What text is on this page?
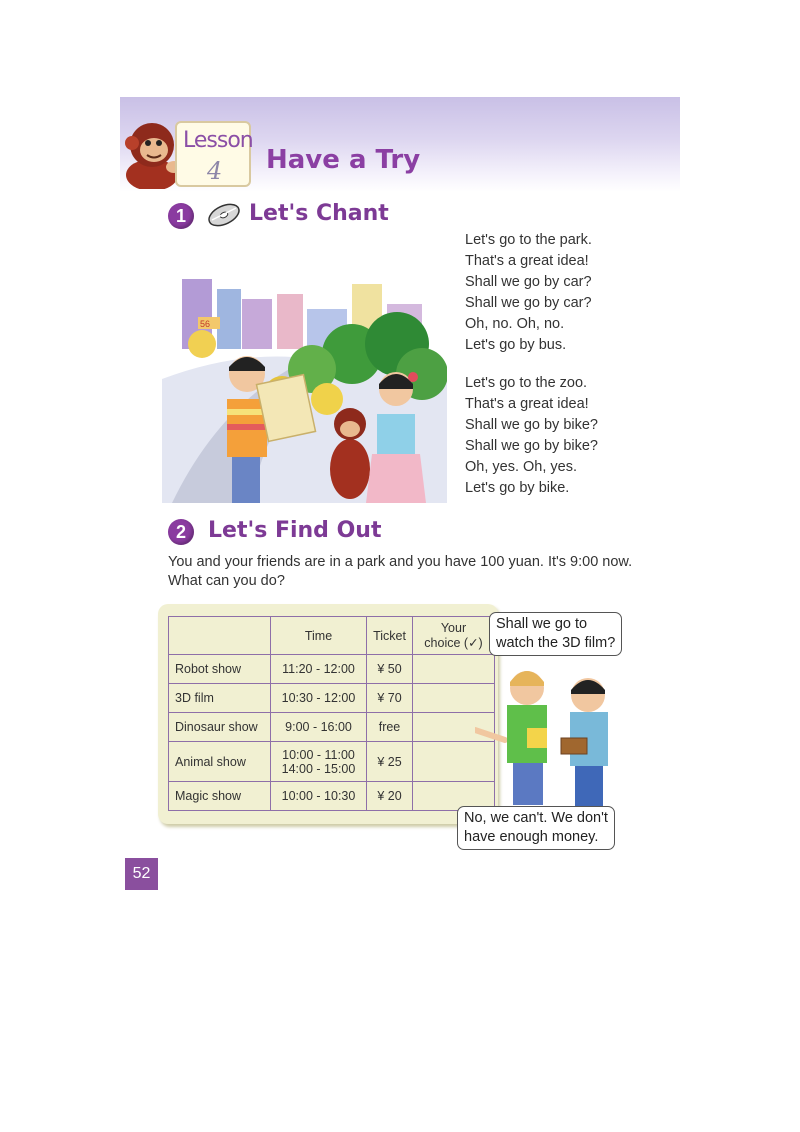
Lesson
4 Have a Try
1	Let's Chant
56
Let's go to the park.
That's a great idea!
Shall we go by car?
Shall we go by car?
Oh, no. Oh, no.
Let's go by bus.
Let's go to the zoo.
That's a great idea!
Shall we go by bike?
Shall we go by bike?
Oh, yes. Oh, yes.
Let's go by bike.
2	Let's Find Out
You and your friends are in a park and you have 100 yuan. It's 9:00 now. What can you do?
	Time	Ticket	Your
choice (✓)

Robot show	11:20 - 12:00	¥ 50	
3D film	10:30 - 12:00	¥ 70	
Dinosaur show	9:00 - 16:00	free	
Animal show	10:00 - 11:00
14:00 - 15:00	¥ 25	
Magic show	10:00 - 10:30	¥ 20	
Shall we go to
watch the 3D film?
No, we can't. We don't
have enough money.
52
